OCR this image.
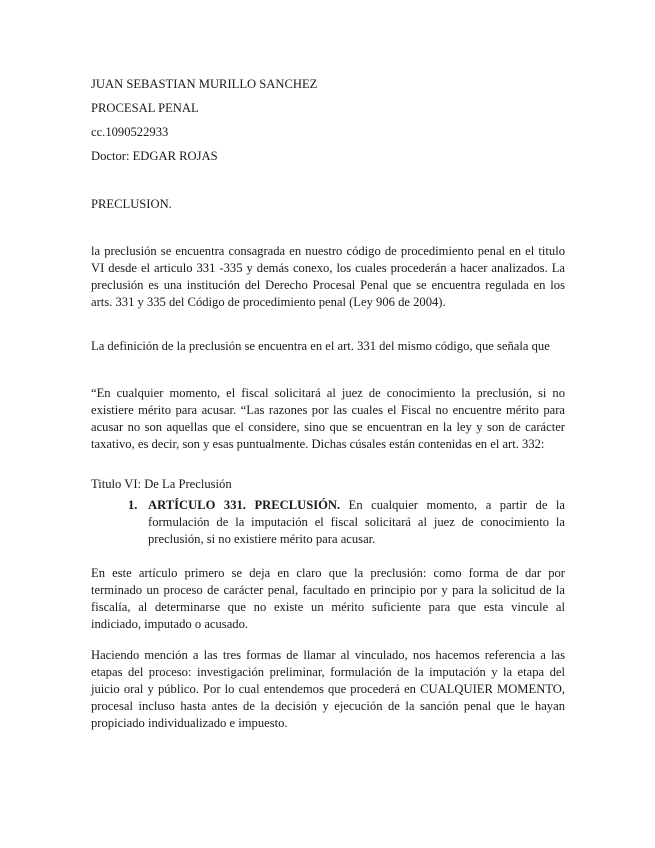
JUAN SEBASTIAN MURILLO SANCHEZ
PROCESAL PENAL
cc.1090522933
Doctor: EDGAR ROJAS
PRECLUSION.
la preclusión se encuentra consagrada en nuestro código de procedimiento penal en el titulo
VI desde el articulo 331 -335 y demás conexo, los cuales procederán a hacer analizados. La
preclusión es una institución del Derecho Procesal Penal que se encuentra regulada en los
arts. 331 y 335 del Código de procedimiento penal (Ley 906 de 2004).
La definición de la preclusión se encuentra en el art. 331 del mismo código, que señala que
“En cualquier momento, el fiscal solicitará al juez de conocimiento la preclusión, si no
existiere mérito para acusar. “Las razones por las cuales el Fiscal no encuentre mérito para
acusar no son aquellas que el considere, sino que se encuentran en la ley y son de carácter
taxativo, es decir, son y esas puntualmente. Dichas cúsales están contenidas en el art. 332:
Titulo VI: De La Preclusión
1. ARTÍCULO 331. PRECLUSIÓN. En cualquier momento, a partir de la
formulación de la imputación el fiscal solicitará al juez de conocimiento la
preclusión, si no existiere mérito para acusar.
En este artículo primero se deja en claro que la preclusión: como forma de dar por
terminado un proceso de carácter penal, facultado en principio por y para la solicitud de la
fiscalía, al determinarse que no existe un mérito suficiente para que esta vincule al
indiciado, imputado o acusado.
Haciendo mención a las tres formas de llamar al vinculado, nos hacemos referencia a las
etapas del proceso: investigación preliminar, formulación de la imputación y la etapa del
juicio oral y público. Por lo cual entendemos que procederá en CUALQUIER MOMENTO,
procesal incluso hasta antes de la decisión y ejecución de la sanción penal que le hayan
propiciado individualizado e impuesto.
